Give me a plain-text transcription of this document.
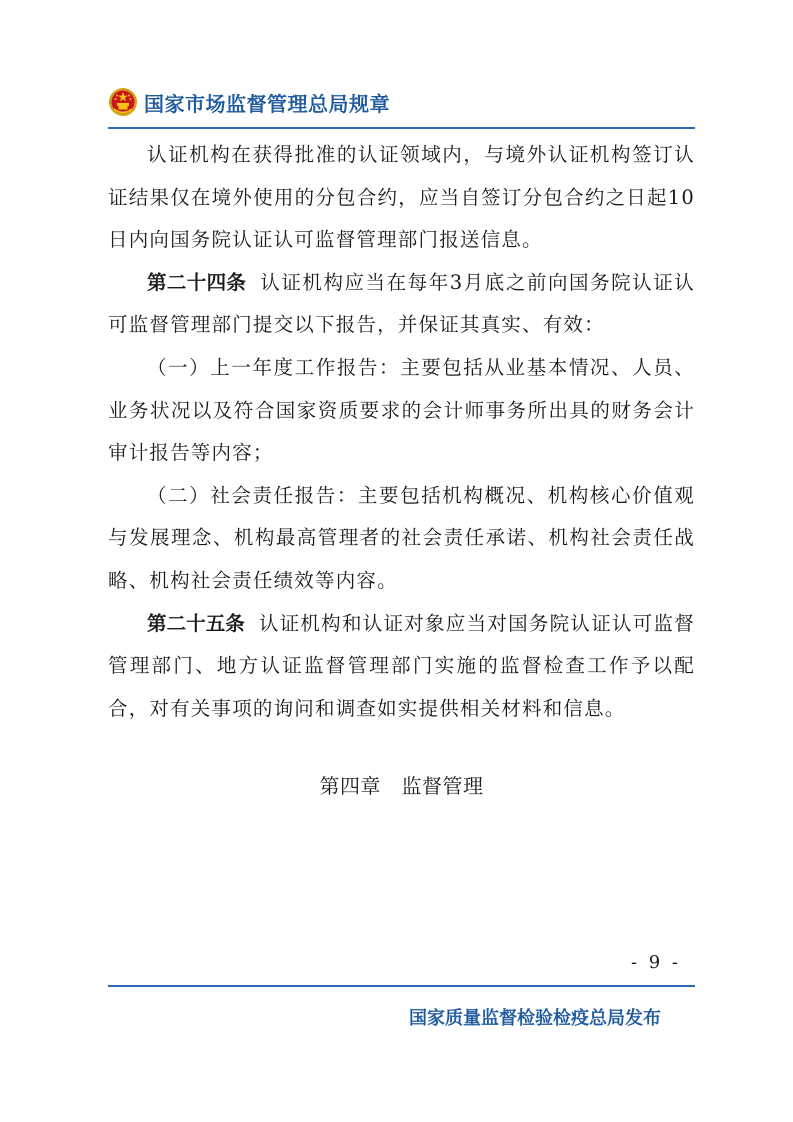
国家市场监督管理总局规章

认证机构在获得批准的认证领域内，与境外认证机构签订认证结果仅在境外使用的分包合约，应当自签订分包合约之日起10日内向国务院认证认可监督管理部门报送信息。

第二十四条 认证机构应当在每年3月底之前向国务院认证认可监督管理部门提交以下报告，并保证其真实、有效：

（一）上一年度工作报告：主要包括从业基本情况、人员、业务状况以及符合国家资质要求的会计师事务所出具的财务会计审计报告等内容；

（二）社会责任报告：主要包括机构概况、机构核心价值观与发展理念、机构最高管理者的社会责任承诺、机构社会责任战略、机构社会责任绩效等内容。

第二十五条 认证机构和认证对象应当对国务院认证认可监督管理部门、地方认证监督管理部门实施的监督检查工作予以配合，对有关事项的询问和调查如实提供相关材料和信息。

第四章　监督管理
- 9 -
国家质量监督检验检疫总局发布
